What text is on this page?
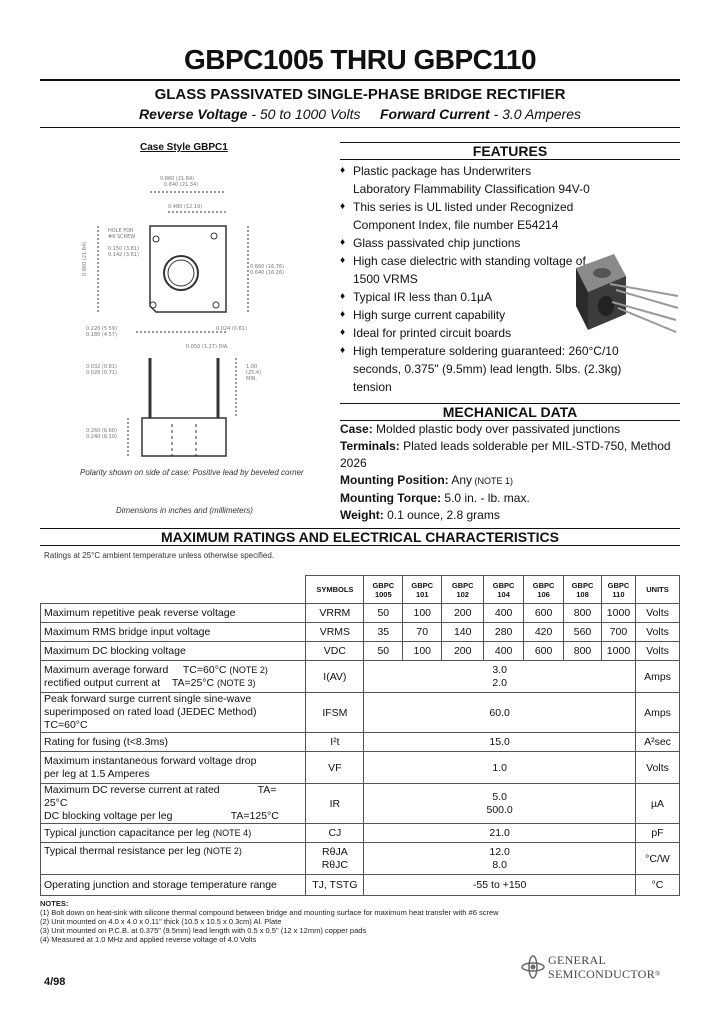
GBPC1005 THRU GBPC110
GLASS PASSIVATED SINGLE-PHASE BRIDGE RECTIFIER
Reverse Voltage - 50 to 1000 Volts Forward Current - 3.0 Amperes
Case Style GBPC1
0.860 (21.84)
0.840 (21.34)
0.480 (12.19)
HOLE FOR
#6 SCREW
0.150 (3.81)
0.142 (3.61)
0.860 (21.84)	0.660 (16.76)
0.640 (16.26)
0.220 (5.59)
0.180 (4.57)
0.024 (0.61)
0.050 (1.27) DIA.
0.032 (0.81)
0.028 (0.71)
1.00
(25.4)
MIN.
0.260 (6.60)
0.240 (6.10)
Polarity shown on side of case: Positive lead by beveled corner
Dimensions in inches and (millimeters)
FEATURES
♦ Plastic package has Underwriters Laboratory Flammability Classification 94V-0
♦ This series is UL listed under Recognized Component Index, file number E54214
♦ Glass passivated chip junctions
♦ High case dielectric with standing voltage of 1500 VRMS
♦ Typical IR less than 0.1µA
♦ High surge current capability
♦ Ideal for printed circuit boards
♦ High temperature soldering guaranteed: 260°C/10 seconds, 0.375" (9.5mm) lead length. 5lbs. (2.3kg) tension
MECHANICAL DATA
Case: Molded plastic body over passivated junctions
Terminals: Plated leads solderable per MIL-STD-750, Method 2026
Mounting Position: Any (NOTE 1)
Mounting Torque: 5.0 in. - lb. max.
Weight: 0.1 ounce, 2.8 grams
MAXIMUM RATINGS AND ELECTRICAL CHARACTERISTICS
Ratings at 25°C ambient temperature unless otherwise specified.
	SYMBOLS	GBPC
1005	GBPC
101	GBPC
102	GBPC
104	GBPC
106	GBPC
108	GBPC
110	UNITS
Maximum repetitive peak reverse voltage	VRRM	50	100	200	400	600	800	1000	Volts
Maximum RMS bridge input voltage	VRMS	35	70	140	280	420	560	700	Volts
Maximum DC blocking voltage	VDC	50	100	200	400	600	800	1000	Volts
Maximum average forward TC=60°C (NOTE 2)
rectified output current at TA=25°C (NOTE 3)	I(AV)	3.0
2.0							Amps
Peak forward surge current single sine-wave
superimposed on rated load (JEDEC Method) TC=60°C	IFSM	60.0							Amps
Rating for fusing (t<8.3ms)	I²t	15.0							A²sec
Maximum instantaneous forward voltage drop
per leg at 1.5 Amperes	VF	1.0							Volts
Maximum DC reverse current at rated TA= 25°C
DC blocking voltage per leg TA=125°C	IR	5.0
500.0							µA
Typical junction capacitance per leg (NOTE 4)	CJ	21.0							pF
Typical thermal resistance per leg (NOTE 2)	RθJA
RθJC	12.0
8.0							°C/W
Operating junction and storage temperature range	TJ, TSTG	-55 to +150							°C
NOTES:
(1) Bolt down on heat-sink with silicone thermal compound between bridge and mounting surface for maximum heat transfer with #6 screw
(2) Unit mounted on 4.0 x 4.0 x 0.11" thick (10.5 x 10.5 x 0.3cm) Al. Plate
(3) Unit mounted on P.C.B. at 0.375" (9.5mm) lead length with 0.5 x 0.5" (12 x 12mm) copper pads
(4) Measured at 1.0 MHz and applied reverse voltage of 4.0 Volts
4/98
GENERAL
SEMICONDUCTOR®
